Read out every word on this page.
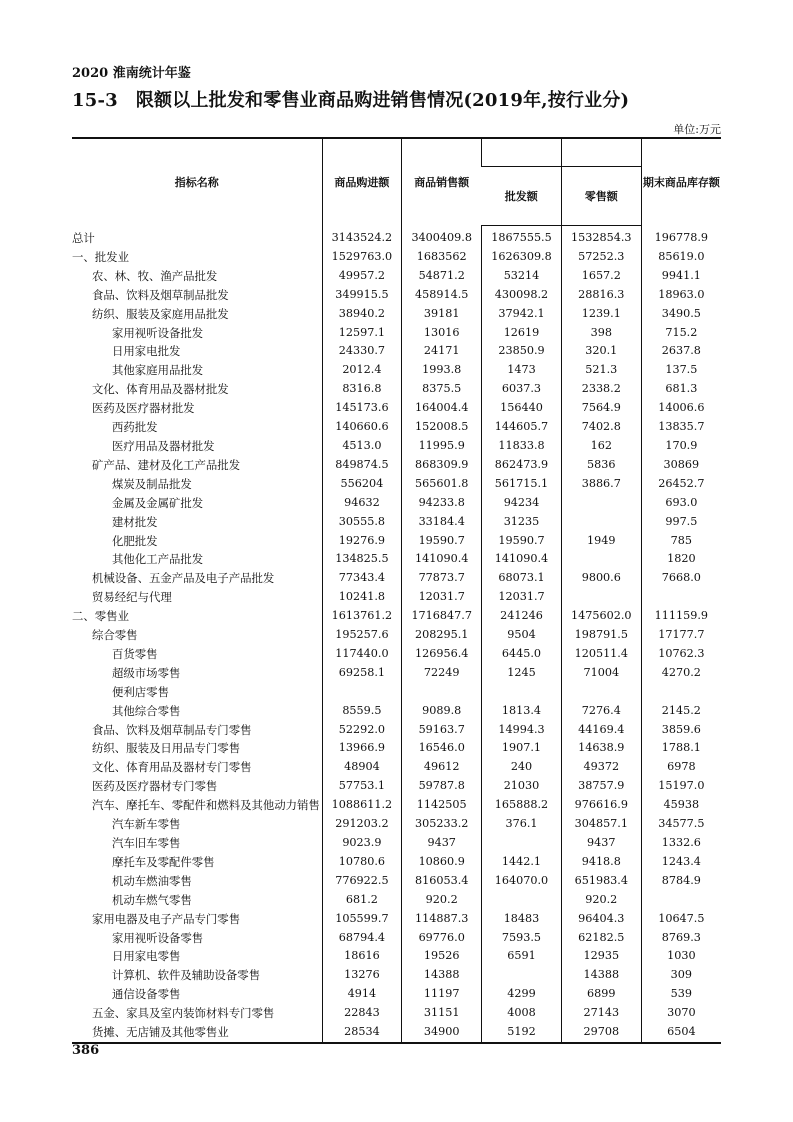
2020 淮南统计年鉴
15-3 限额以上批发和零售业商品购进销售情况(2019年,按行业分)
单位:万元
指标名称	商品购进额	商品销售额			期末商品库存额
			批发额	零售额	
总计	3143524.2	3400409.8	1867555.5	1532854.3	196778.9
一、批发业	1529763.0	1683562	1626309.8	57252.3	85619.0
农、林、牧、渔产品批发	49957.2	54871.2	53214	1657.2	9941.1
食品、饮料及烟草制品批发	349915.5	458914.5	430098.2	28816.3	18963.0
纺织、服装及家庭用品批发	38940.2	39181	37942.1	1239.1	3490.5
家用视听设备批发	12597.1	13016	12619	398	715.2
日用家电批发	24330.7	24171	23850.9	320.1	2637.8
其他家庭用品批发	2012.4	1993.8	1473	521.3	137.5
文化、体育用品及器材批发	8316.8	8375.5	6037.3	2338.2	681.3
医药及医疗器材批发	145173.6	164004.4	156440	7564.9	14006.6
西药批发	140660.6	152008.5	144605.7	7402.8	13835.7
医疗用品及器材批发	4513.0	11995.9	11833.8	162	170.9
矿产品、建材及化工产品批发	849874.5	868309.9	862473.9	5836	30869
煤炭及制品批发	556204	565601.8	561715.1	3886.7	26452.7
金属及金属矿批发	94632	94233.8	94234		693.0
建材批发	30555.8	33184.4	31235		997.5
化肥批发	19276.9	19590.7	19590.7	1949	785
其他化工产品批发	134825.5	141090.4	141090.4		1820
机械设备、五金产品及电子产品批发	77343.4	77873.7	68073.1	9800.6	7668.0
贸易经纪与代理	10241.8	12031.7	12031.7		
二、零售业	1613761.2	1716847.7	241246	1475602.0	111159.9
综合零售	195257.6	208295.1	9504	198791.5	17177.7
百货零售	117440.0	126956.4	6445.0	120511.4	10762.3
超级市场零售	69258.1	72249	1245	71004	4270.2
便利店零售					
其他综合零售	8559.5	9089.8	1813.4	7276.4	2145.2
食品、饮料及烟草制品专门零售	52292.0	59163.7	14994.3	44169.4	3859.6
纺织、服装及日用品专门零售	13966.9	16546.0	1907.1	14638.9	1788.1
文化、体育用品及器材专门零售	48904	49612	240	49372	6978
医药及医疗器材专门零售	57753.1	59787.8	21030	38757.9	15197.0
汽车、摩托车、零配件和燃料及其他动力销售	1088611.2	1142505	165888.2	976616.9	45938
汽车新车零售	291203.2	305233.2	376.1	304857.1	34577.5
汽车旧车零售	9023.9	9437		9437	1332.6
摩托车及零配件零售	10780.6	10860.9	1442.1	9418.8	1243.4
机动车燃油零售	776922.5	816053.4	164070.0	651983.4	8784.9
机动车燃气零售	681.2	920.2		920.2	
家用电器及电子产品专门零售	105599.7	114887.3	18483	96404.3	10647.5
家用视听设备零售	68794.4	69776.0	7593.5	62182.5	8769.3
日用家电零售	18616	19526	6591	12935	1030
计算机、软件及辅助设备零售	13276	14388		14388	309
通信设备零售	4914	11197	4299	6899	539
五金、家具及室内装饰材料专门零售	22843	31151	4008	27143	3070
货摊、无店铺及其他零售业	28534	34900	5192	29708	6504
386
